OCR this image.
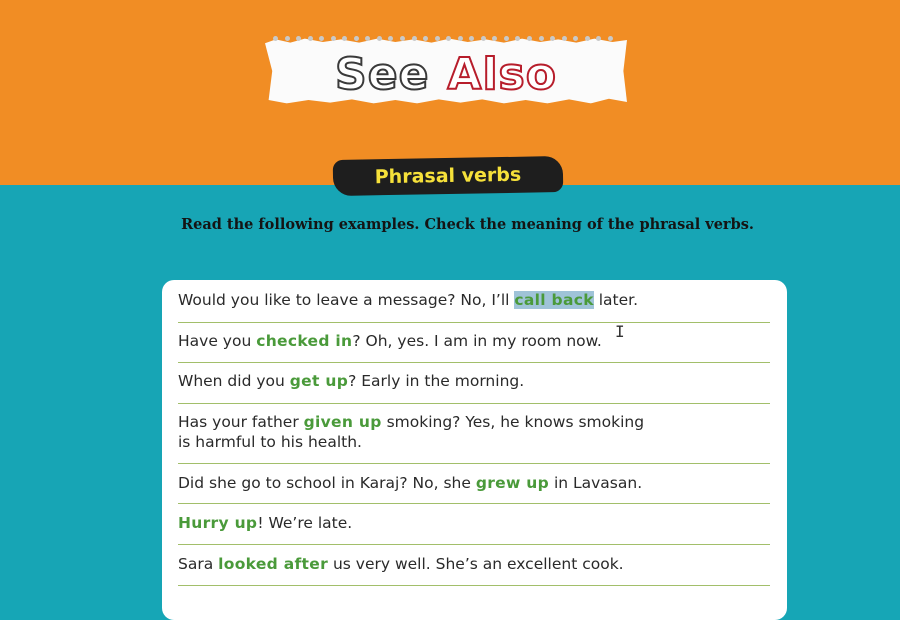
See Also
Phrasal verbs
Read the following examples. Check the meaning of the phrasal verbs.
Would you like to leave a message? No, I’ll call back later.
Have you checked in? Oh, yes. I am in my room now.
When did you get up? Early in the morning.
Has your father given up smoking? Yes, he knows smoking
is harmful to his health.
Did she go to school in Karaj? No, she grew up in Lavasan.
Hurry up! We’re late.
Sara looked after us very well. She’s an excellent cook.
I
